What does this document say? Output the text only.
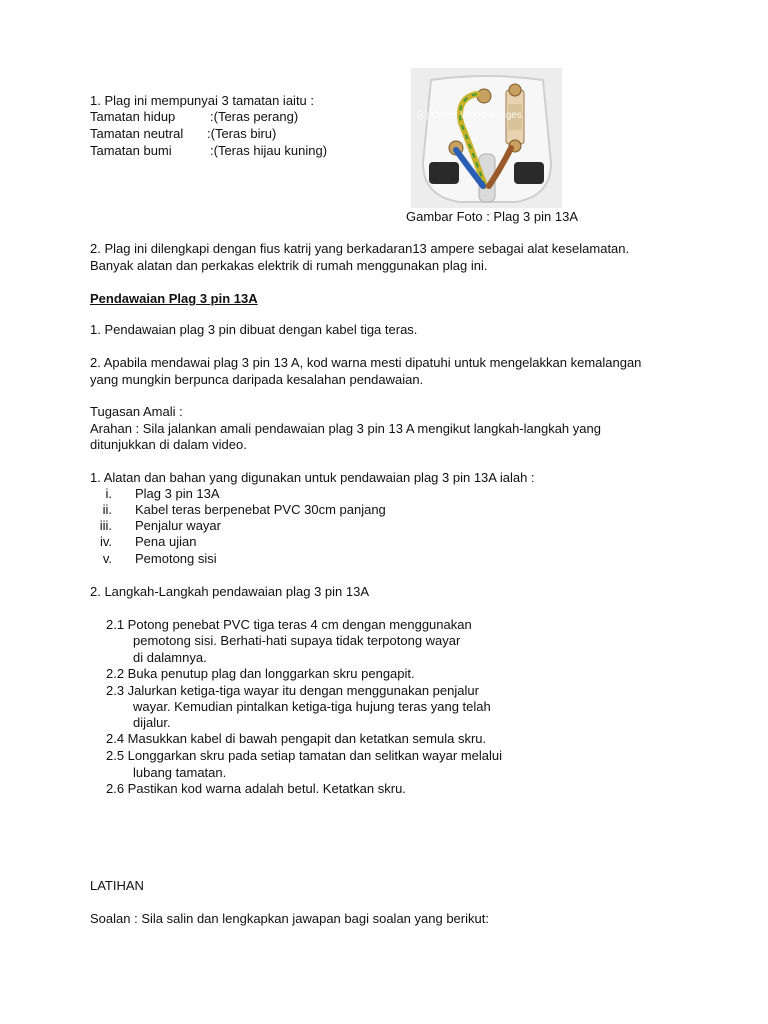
1. Plag ini mempunyai 3 tamatan iaitu :
Tamatan hidup	:(Teras perang)
Tamatan neutral :(Teras biru)
Tamatan bumi	:(Teras hijau kuning)
(c) Oliver Wood Images
Gambar Foto : Plag 3 pin 13A
2. Plag ini dilengkapi dengan fius katrij yang berkadaran13 ampere sebagai alat keselamatan.
Banyak alatan dan perkakas elektrik di rumah menggunakan plag ini.
Pendawaian Plag 3 pin 13A
1. Pendawaian plag 3 pin dibuat dengan kabel tiga teras.
2. Apabila mendawai plag 3 pin 13 A, kod warna mesti dipatuhi untuk mengelakkan kemalangan
yang mungkin berpunca daripada kesalahan pendawaian.
Tugasan Amali :
Arahan : Sila jalankan amali pendawaian plag 3 pin 13 A mengikut langkah-langkah yang
ditunjukkan di dalam video.
1. Alatan dan bahan yang digunakan untuk pendawaian plag 3 pin 13A ialah :
i. Plag 3 pin 13A
ii. Kabel teras berpenebat PVC 30cm panjang
iii. Penjalur wayar
iv. Pena ujian
v. Pemotong sisi
2. Langkah-Langkah pendawaian plag 3 pin 13A
2.1 Potong penebat PVC tiga teras 4 cm dengan menggunakan
pemotong sisi. Berhati-hati supaya tidak terpotong wayar
di dalamnya.
2.2 Buka penutup plag dan longgarkan skru pengapit.
2.3 Jalurkan ketiga-tiga wayar itu dengan menggunakan penjalur
wayar. Kemudian pintalkan ketiga-tiga hujung teras yang telah
dijalur.
2.4 Masukkan kabel di bawah pengapit dan ketatkan semula skru.
2.5 Longgarkan skru pada setiap tamatan dan selitkan wayar melalui
lubang tamatan.
2.6 Pastikan kod warna adalah betul. Ketatkan skru.
LATIHAN
Soalan : Sila salin dan lengkapkan jawapan bagi soalan yang berikut:
